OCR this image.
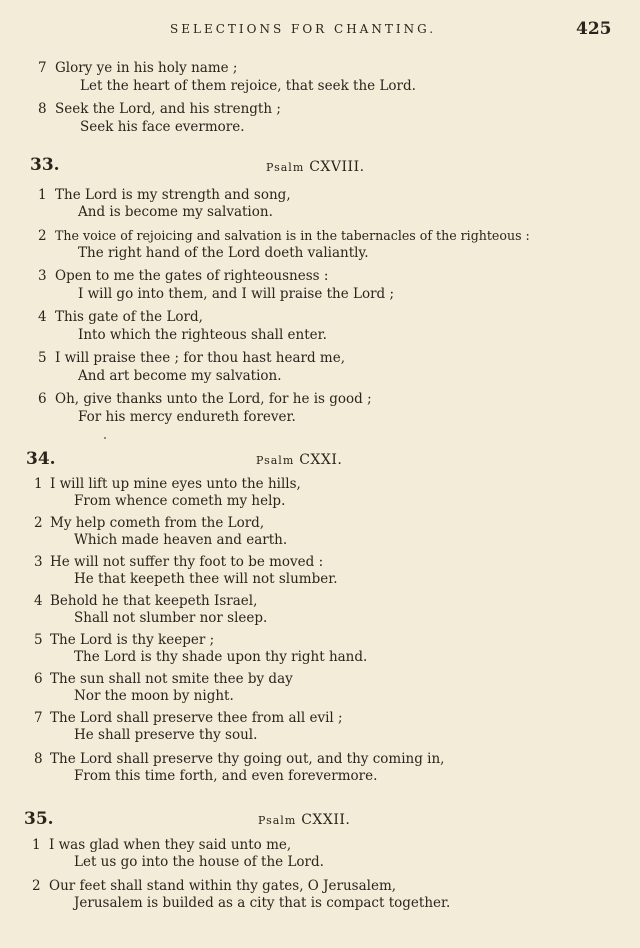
SELECTIONS FOR CHANTING.	425
7 Glory ye in his holy name ;
Let the heart of them rejoice, that seek the Lord.
8 Seek the Lord, and his strength ;
Seek his face evermore.
33.	Psalm CXVIII.
1 The Lord is my strength and song,
And is become my salvation.
2 The voice of rejoicing and salvation is in the tabernacles of the righteous :
The right hand of the Lord doeth valiantly.
3 Open to me the gates of righteousness :
I will go into them, and I will praise the Lord ;
4 This gate of the Lord,
Into which the righteous shall enter.
5 I will praise thee ; for thou hast heard me,
And art become my salvation.
6 Oh, give thanks unto the Lord, for he is good ;
For his mercy endureth forever.
34.	Psalm CXXI.
1 I will lift up mine eyes unto the hills,
From whence cometh my help.
2 My help cometh from the Lord,
Which made heaven and earth.
3 He will not suffer thy foot to be moved :
He that keepeth thee will not slumber.
4 Behold he that keepeth Israel,
Shall not slumber nor sleep.
5 The Lord is thy keeper ;
The Lord is thy shade upon thy right hand.
6 The sun shall not smite thee by day
Nor the moon by night.
7 The Lord shall preserve thee from all evil ;
He shall preserve thy soul.
8 The Lord shall preserve thy going out, and thy coming in,
From this time forth, and even forevermore.
35.	Psalm CXXII.
1 I was glad when they said unto me,
Let us go into the house of the Lord.
2 Our feet shall stand within thy gates, O Jerusalem,
Jerusalem is builded as a city that is compact together.
